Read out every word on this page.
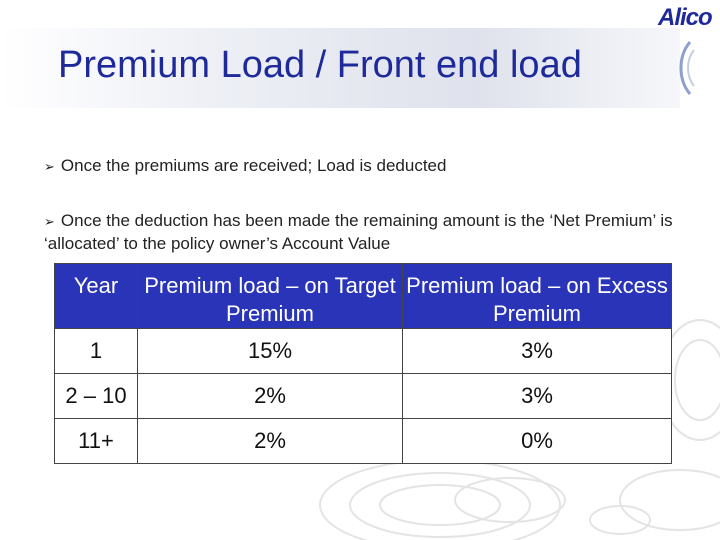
Premium Load / Front end load
Alico
➢ Once the premiums are received; Load is deducted
➢ Once the deduction has been made the remaining amount is the ‘Net Premium’ is ‘allocated’ to the policy owner’s Account Value
Year	Premium load – on Target Premium	Premium load – on Excess Premium
1	15%	3%
2 – 10	2%	3%
11+	2%	0%
